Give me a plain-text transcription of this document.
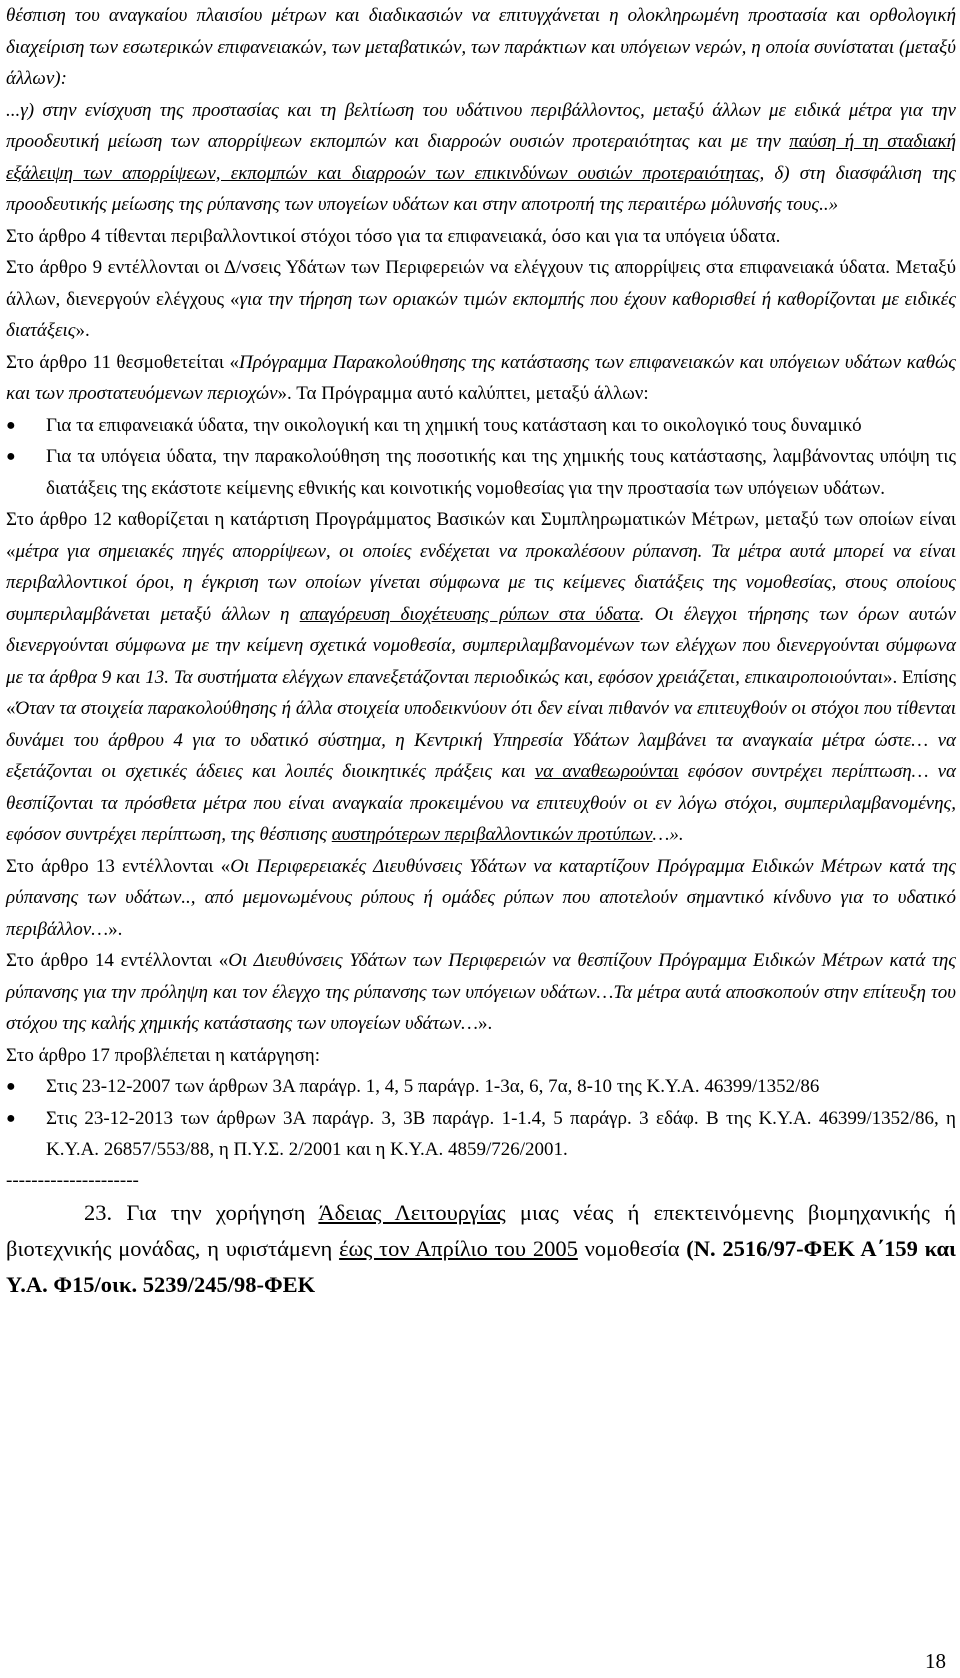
θέσπιση του αναγκαίου πλαισίου μέτρων και διαδικασιών να επιτυγχάνεται η ολοκληρωμένη προστασία και ορθολογική διαχείριση των εσωτερικών επιφανειακών, των μεταβατικών, των παράκτιων και υπόγειων νερών, η οποία συνίσταται (μεταξύ άλλων):

...γ) στην ενίσχυση της προστασίας και τη βελτίωση του υδάτινου περιβάλλοντος, μεταξύ άλλων με ειδικά μέτρα για την προοδευτική μείωση των απορρίψεων εκπομπών και διαρροών ουσιών προτεραιότητας και με την παύση ή τη σταδιακή εξάλειψη των απορρίψεων, εκπομπών και διαρροών των επικινδύνων ουσιών προτεραιότητας, δ) στη διασφάλιση της προοδευτικής μείωσης της ρύπανσης των υπογείων υδάτων και στην αποτροπή της περαιτέρω μόλυνσής τους..»

Στο άρθρο 4 τίθενται περιβαλλοντικοί στόχοι τόσο για τα επιφανειακά, όσο και για τα υπόγεια ύδατα.

Στο άρθρο 9 εντέλλονται οι Δ/νσεις Υδάτων των Περιφερειών να ελέγχουν τις απορρίψεις στα επιφανειακά ύδατα. Μεταξύ άλλων, διενεργούν ελέγχους «για την τήρηση των οριακών τιμών εκπομπής που έχουν καθορισθεί ή καθορίζονται με ειδικές διατάξεις».

Στο άρθρο 11 θεσμοθετείται «Πρόγραμμα Παρακολούθησης της κατάστασης των επιφανειακών και υπόγειων υδάτων καθώς και των προστατευόμενων περιοχών». Τα Πρόγραμμα αυτό καλύπτει, μεταξύ άλλων:

● Για τα επιφανειακά ύδατα, την οικολογική και τη χημική τους κατάσταση και το οικολογικό τους δυναμικό
● Για τα υπόγεια ύδατα, την παρακολούθηση της ποσοτικής και της χημικής τους κατάστασης, λαμβάνοντας υπόψη τις διατάξεις της εκάστοτε κείμενης εθνικής και κοινοτικής νομοθεσίας για την προστασία των υπόγειων υδάτων.

Στο άρθρο 12 καθορίζεται η κατάρτιση Προγράμματος Βασικών και Συμπληρωματικών Μέτρων, μεταξύ των οποίων είναι «μέτρα για σημειακές πηγές απορρίψεων, οι οποίες ενδέχεται να προκαλέσουν ρύπανση. Τα μέτρα αυτά μπορεί να είναι περιβαλλοντικοί όροι, η έγκριση των οποίων γίνεται σύμφωνα με τις κείμενες διατάξεις της νομοθεσίας, στους οποίους συμπεριλαμβάνεται μεταξύ άλλων η απαγόρευση διοχέτευσης ρύπων στα ύδατα. Οι έλεγχοι τήρησης των όρων αυτών διενεργούνται σύμφωνα με την κείμενη σχετικά νομοθεσία, συμπεριλαμβανομένων των ελέγχων που διενεργούνται σύμφωνα με τα άρθρα 9 και 13. Τα συστήματα ελέγχων επανεξετάζονται περιοδικώς και, εφόσον χρειάζεται, επικαιροποιούνται». Επίσης «Όταν τα στοιχεία παρακολούθησης ή άλλα στοιχεία υποδεικνύουν ότι δεν είναι πιθανόν να επιτευχθούν οι στόχοι που τίθενται δυνάμει του άρθρου 4 για το υδατικό σύστημα, η Κεντρική Υπηρεσία Υδάτων λαμβάνει τα αναγκαία μέτρα ώστε… να εξετάζονται οι σχετικές άδειες και λοιπές διοικητικές πράξεις και να αναθεωρούνται εφόσον συντρέχει περίπτωση… να θεσπίζονται τα πρόσθετα μέτρα που είναι αναγκαία προκειμένου να επιτευχθούν οι εν λόγω στόχοι, συμπεριλαμβανομένης, εφόσον συντρέχει περίπτωση, της θέσπισης αυστηρότερων περιβαλλοντικών προτύπων…».

Στο άρθρο 13 εντέλλονται «Οι Περιφερειακές Διευθύνσεις Υδάτων να καταρτίζουν Πρόγραμμα Ειδικών Μέτρων κατά της ρύπανσης των υδάτων.., από μεμονωμένους ρύπους ή ομάδες ρύπων που αποτελούν σημαντικό κίνδυνο για το υδατικό περιβάλλον…».

Στο άρθρο 14 εντέλλονται «Οι Διευθύνσεις Υδάτων των Περιφερειών να θεσπίζουν Πρόγραμμα Ειδικών Μέτρων κατά της ρύπανσης για την πρόληψη και τον έλεγχο της ρύπανσης των υπόγειων υδάτων…Τα μέτρα αυτά αποσκοπούν στην επίτευξη του στόχου της καλής χημικής κατάστασης των υπογείων υδάτων…».

Στο άρθρο 17 προβλέπεται η κατάργηση:

● Στις 23-12-2007 των άρθρων 3Α παράγρ. 1, 4, 5 παράγρ. 1-3α, 6, 7α, 8-10 της Κ.Υ.Α. 46399/1352/86
● Στις 23-12-2013 των άρθρων 3Α παράγρ. 3, 3Β παράγρ. 1-1.4, 5 παράγρ. 3 εδάφ. Β της Κ.Υ.Α. 46399/1352/86, η Κ.Υ.Α. 26857/553/88, η Π.Υ.Σ. 2/2001 και η Κ.Υ.Α. 4859/726/2001.
---------------------

23. Για την χορήγηση Άδειας Λειτουργίας μιας νέας ή επεκτεινόμενης βιομηχανικής ή βιοτεχνικής μονάδας, η υφιστάμενη έως τον Απρίλιο του 2005 νομοθεσία (Ν. 2516/97-ΦΕΚ Α΄159 και Υ.Α. Φ15/οικ. 5239/245/98-ΦΕΚ

18
